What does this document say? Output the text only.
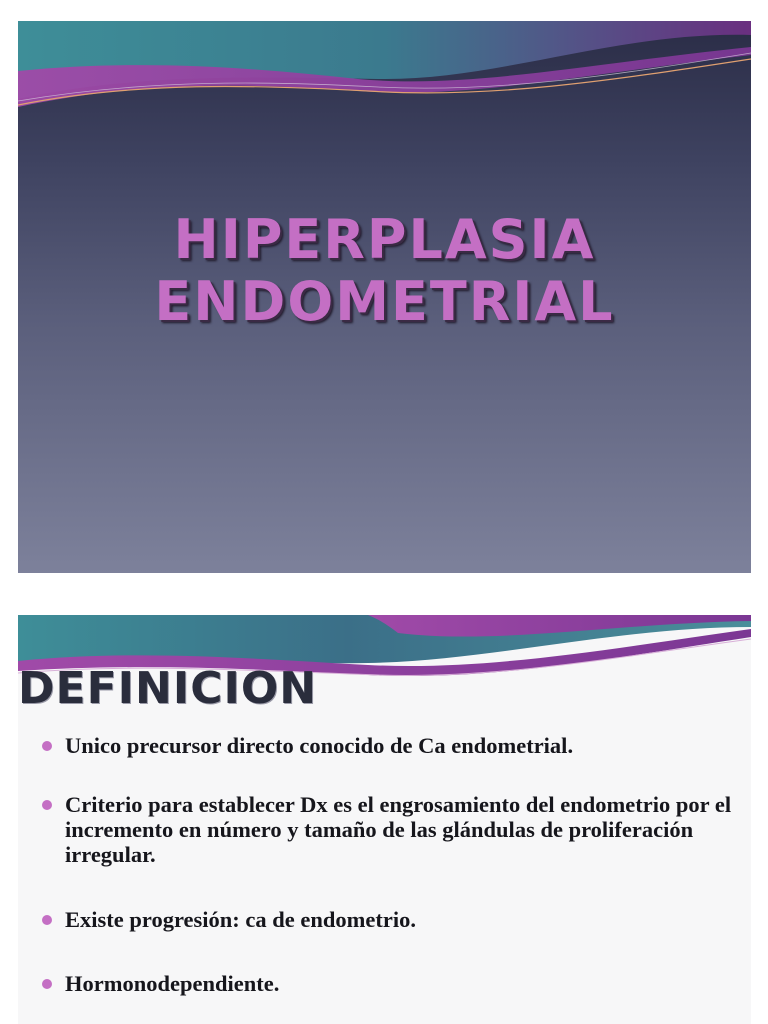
HIPERPLASIA
ENDOMETRIAL
DEFINICION
Unico precursor directo conocido de Ca endometrial.
Criterio para establecer Dx es el engrosamiento del endometrio por el incremento en número y tamaño de las glándulas de proliferación irregular.
Existe progresión: ca de endometrio.
Hormonodependiente.
